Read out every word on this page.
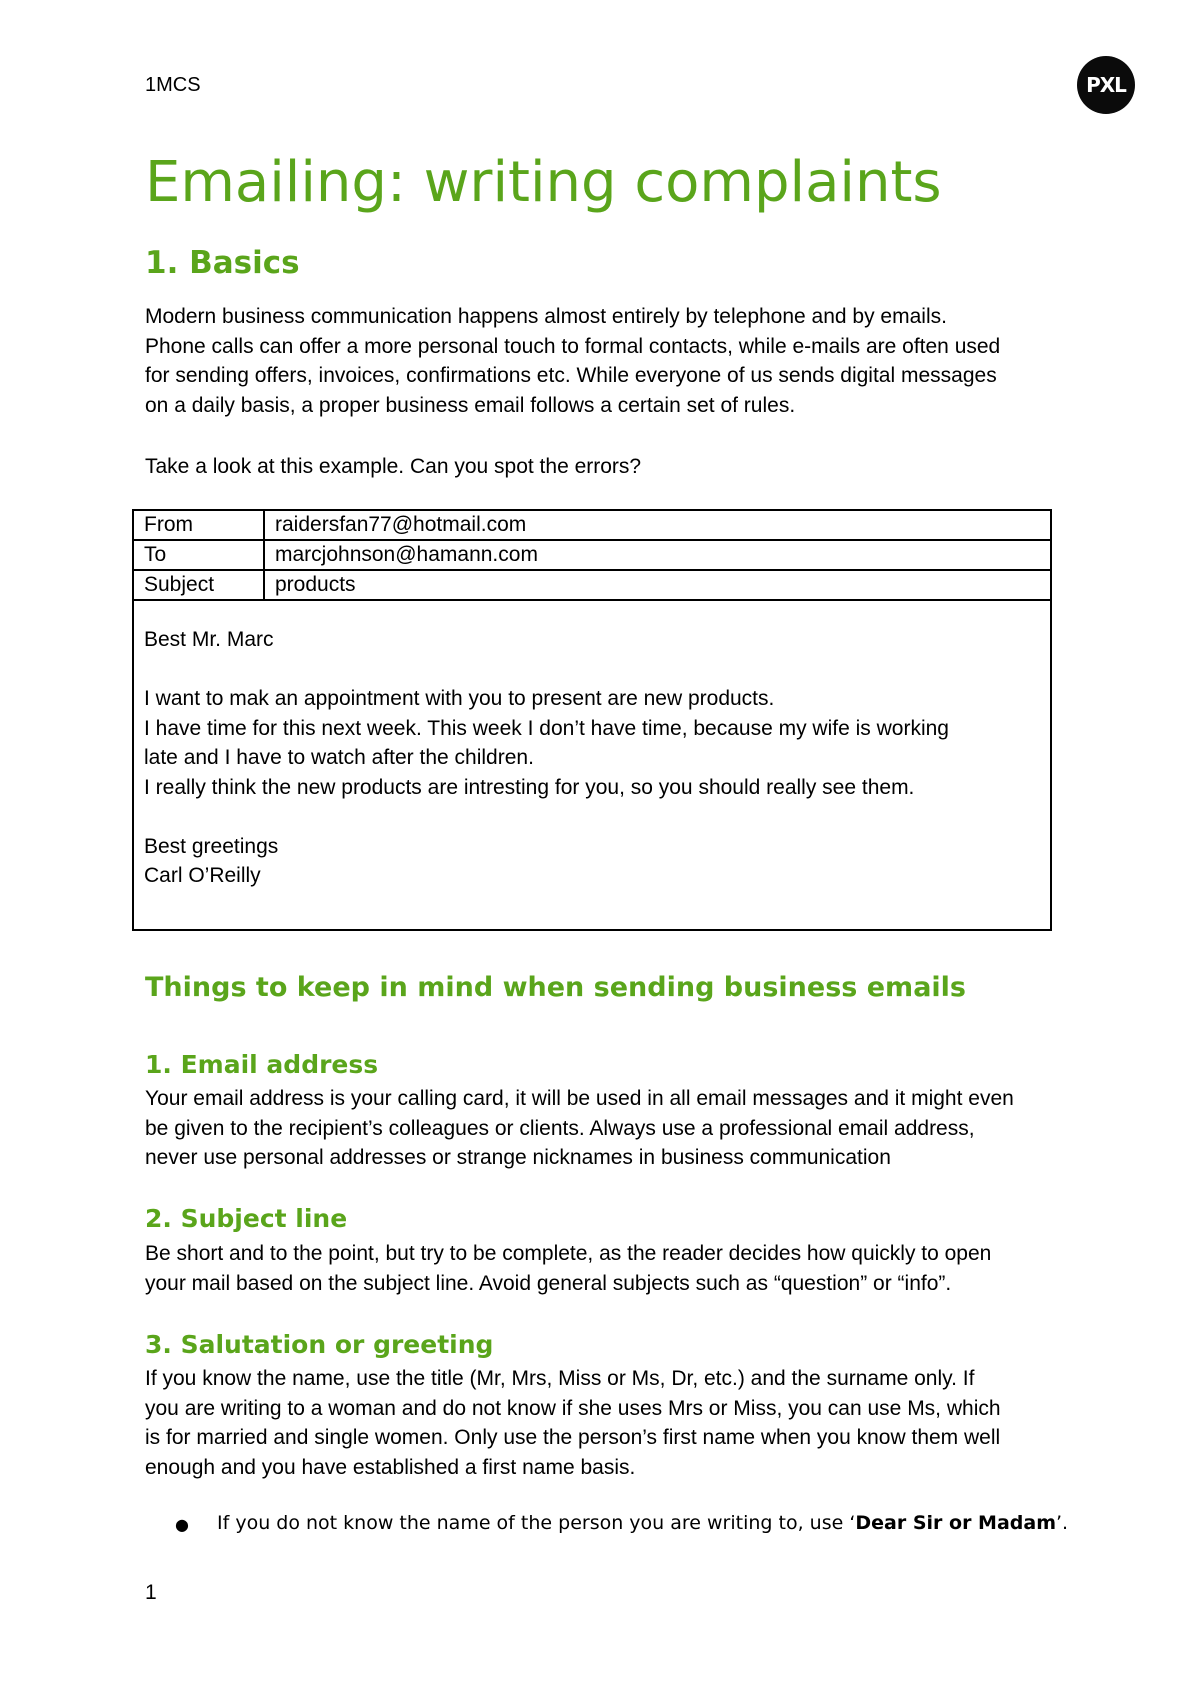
1MCS	PXL
Emailing: writing complaints
1. Basics
Modern business communication happens almost entirely by telephone and by emails.
Phone calls can offer a more personal touch to formal contacts, while e-mails are often used
for sending offers, invoices, confirmations etc. While everyone of us sends digital messages
on a daily basis, a proper business email follows a certain set of rules.
Take a look at this example. Can you spot the errors?
From	raidersfan77@hotmail.com
To	marcjohnson@hamann.com
Subject	products
Best Mr. Marc
I want to mak an appointment with you to present are new products.
I have time for this next week. This week I don’t have time, because my wife is working
late and I have to watch after the children.
I really think the new products are intresting for you, so you should really see them.
Best greetings
Carl O’Reilly
Things to keep in mind when sending business emails
1. Email address
Your email address is your calling card, it will be used in all email messages and it might even
be given to the recipient’s colleagues or clients. Always use a professional email address,
never use personal addresses or strange nicknames in business communication
2. Subject line
Be short and to the point, but try to be complete, as the reader decides how quickly to open
your mail based on the subject line. Avoid general subjects such as “question” or “info”.
3. Salutation or greeting
If you know the name, use the title (Mr, Mrs, Miss or Ms, Dr, etc.) and the surname only. If
you are writing to a woman and do not know if she uses Mrs or Miss, you can use Ms, which
is for married and single women. Only use the person’s first name when you know them well
enough and you have established a first name basis.
●	If you do not know the name of the person you are writing to, use ‘Dear Sir or Madam’.
1
